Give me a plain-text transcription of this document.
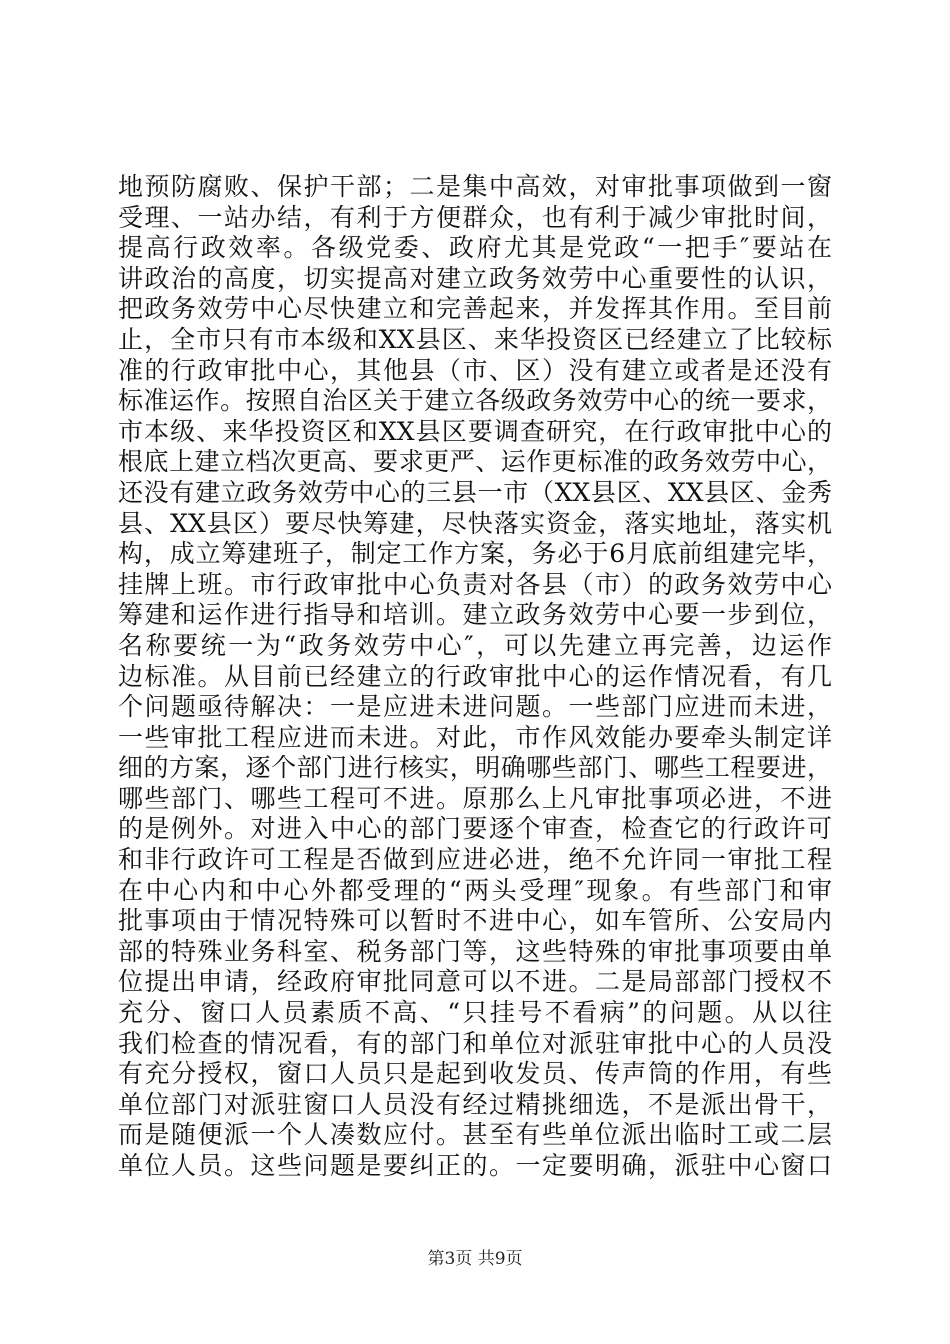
地预防腐败、保护干部；二是集中高效，对审批事项做到一窗
受理、一站办结，有利于方便群众，也有利于减少审批时间，
提高行政效率。各级党委、政府尤其是党政“一把手″要站在
讲政治的高度，切实提高对建立政务效劳中心重要性的认识，
把政务效劳中心尽快建立和完善起来，并发挥其作用。至目前
止，全市只有市本级和XX县区、来华投资区已经建立了比较标
准的行政审批中心，其他县（市、区）没有建立或者是还没有
标准运作。按照自治区关于建立各级政务效劳中心的统一要求，
市本级、来华投资区和XX县区要调查研究，在行政审批中心的
根底上建立档次更高、要求更严、运作更标准的政务效劳中心，
还没有建立政务效劳中心的三县一市（XX县区、XX县区、金秀
县、XX县区）要尽快筹建，尽快落实资金，落实地址，落实机
构，成立筹建班子，制定工作方案，务必于6月底前组建完毕，
挂牌上班。市行政审批中心负责对各县（市）的政务效劳中心
筹建和运作进行指导和培训。建立政务效劳中心要一步到位，
名称要统一为“政务效劳中心″，可以先建立再完善，边运作
边标准。从目前已经建立的行政审批中心的运作情况看，有几
个问题亟待解决：一是应进未进问题。一些部门应进而未进，
一些审批工程应进而未进。对此，市作风效能办要牵头制定详
细的方案，逐个部门进行核实，明确哪些部门、哪些工程要进，
哪些部门、哪些工程可不进。原那么上凡审批事项必进，不进
的是例外。对进入中心的部门要逐个审查，检查它的行政许可
和非行政许可工程是否做到应进必进，绝不允许同一审批工程
在中心内和中心外都受理的“两头受理″现象。有些部门和审
批事项由于情况特殊可以暂时不进中心，如车管所、公安局内
部的特殊业务科室、税务部门等，这些特殊的审批事项要由单
位提出申请，经政府审批同意可以不进。二是局部部门授权不
充分、窗口人员素质不高、“只挂号不看病”的问题。从以往
我们检查的情况看，有的部门和单位对派驻审批中心的人员没
有充分授权，窗口人员只是起到收发员、传声筒的作用，有些
单位部门对派驻窗口人员没有经过精挑细选，不是派出骨干，
而是随便派一个人凑数应付。甚至有些单位派出临时工或二层
单位人员。这些问题是要纠正的。一定要明确，派驻中心窗口
第3页 共9页
